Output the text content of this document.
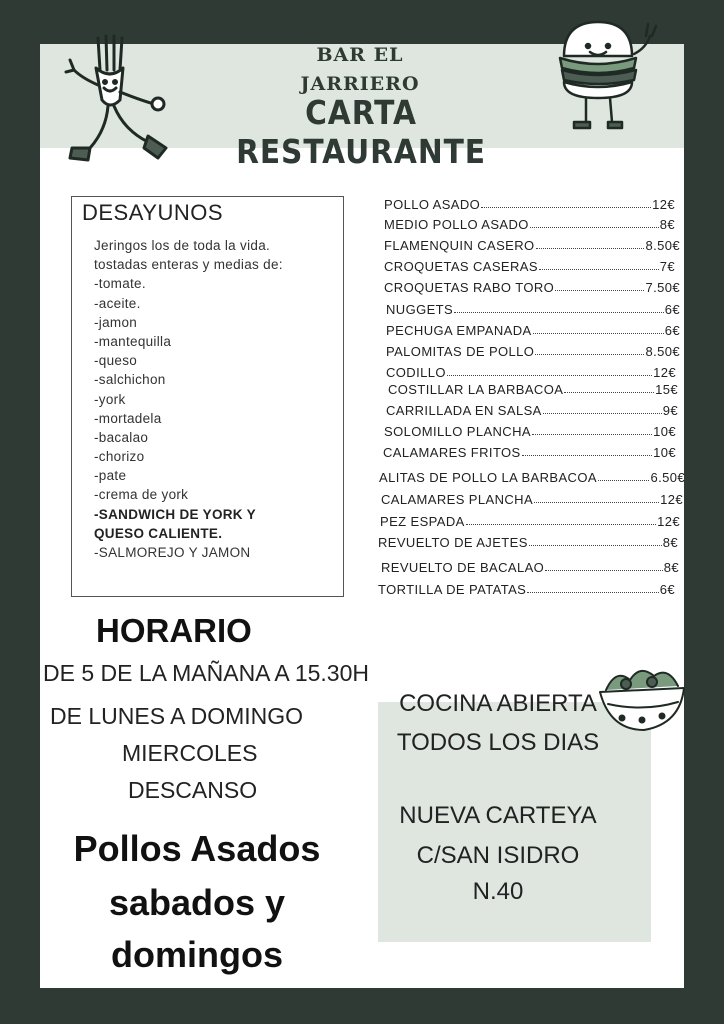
BAR EL
JARRIERO
CARTA RESTAURANTE
DESAYUNOS
Jeringos los de toda la vida.
tostadas enteras y medias de:
-tomate.
-aceite.
-jamon
-mantequilla
-queso
-salchichon
-york
-mortadela
-bacalao
-chorizo
-pate
-crema de york
-SANDWICH DE YORK Y
QUESO CALIENTE.
-SALMOREJO Y JAMON
POLLO ASADO	12€
MEDIO POLLO ASADO	8€
FLAMENQUIN CASERO	8.50€
CROQUETAS CASERAS	7€
CROQUETAS RABO TORO	7.50€
NUGGETS	6€
PECHUGA EMPANADA	6€
PALOMITAS DE POLLO	8.50€
CODILLO	12€
COSTILLAR LA BARBACOA	15€
CARRILLADA EN SALSA	9€
SOLOMILLO PLANCHA	10€
CALAMARES FRITOS	10€
ALITAS DE POLLO LA BARBACOA	6.50€
CALAMARES PLANCHA	12€
PEZ ESPADA	12€
REVUELTO DE AJETES	8€
REVUELTO DE BACALAO	8€
TORTILLA DE PATATAS	6€
HORARIO
DE 5 DE LA MAÑANA A 15.30H
DE LUNES A DOMINGO
MIERCOLES
DESCANSO
Pollos Asados
sabados y
domingos
COCINA ABIERTA
TODOS LOS DIAS
NUEVA CARTEYA
C/SAN ISIDRO
N.40
